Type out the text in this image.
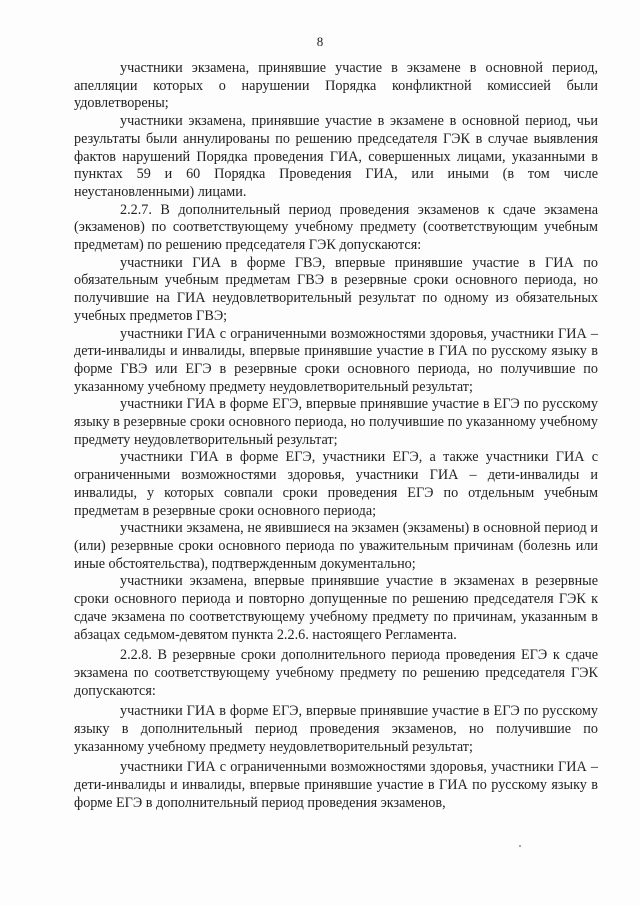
8

участники экзамена, принявшие участие в экзамене в основной период, апелляции которых о нарушении Порядка конфликтной комиссией были удовлетворены;

участники экзамена, принявшие участие в экзамене в основной период, чьи результаты были аннулированы по решению председателя ГЭК в случае выявления фактов нарушений Порядка проведения ГИА, совершенных лицами, указанными в пунктах 59 и 60 Порядка Проведения ГИА, или иными (в том числе неустановленными) лицами.

2.2.7. В дополнительный период проведения экзаменов к сдаче экзамена (экзаменов) по соответствующему учебному предмету (соответствующим учебным предметам) по решению председателя ГЭК допускаются:

участники ГИА в форме ГВЭ, впервые принявшие участие в ГИА по обязательным учебным предметам ГВЭ в резервные сроки основного периода, но получившие на ГИА неудовлетворительный результат по одному из обязательных учебных предметов ГВЭ;

участники ГИА с ограниченными возможностями здоровья, участники ГИА – дети-инвалиды и инвалиды, впервые принявшие участие в ГИА по русскому языку в форме ГВЭ или ЕГЭ в резервные сроки основного периода, но получившие по указанному учебному предмету неудовлетворительный результат;

участники ГИА в форме ЕГЭ, впервые принявшие участие в ЕГЭ по русскому языку в резервные сроки основного периода, но получившие по указанному учебному предмету неудовлетворительный результат;

участники ГИА в форме ЕГЭ, участники ЕГЭ, а также участники ГИА с ограниченными возможностями здоровья, участники ГИА – дети-инвалиды и инвалиды, у которых совпали сроки проведения ЕГЭ по отдельным учебным предметам в резервные сроки основного периода;

участники экзамена, не явившиеся на экзамен (экзамены) в основной период и (или) резервные сроки основного периода по уважительным причинам (болезнь или иные обстоятельства), подтвержденным документально;

участники экзамена, впервые принявшие участие в экзаменах в резервные сроки основного периода и повторно допущенные по решению председателя ГЭК к сдаче экзамена по соответствующему учебному предмету по причинам, указанным в абзацах седьмом-девятом пункта 2.2.6. настоящего Регламента.

2.2.8. В резервные сроки дополнительного периода проведения ЕГЭ к сдаче экзамена по соответствующему учебному предмету по решению председателя ГЭК допускаются:

участники ГИА в форме ЕГЭ, впервые принявшие участие в ЕГЭ по русскому языку в дополнительный период проведения экзаменов, но получившие по указанному учебному предмету неудовлетворительный результат;

участники ГИА с ограниченными возможностями здоровья, участники ГИА – дети-инвалиды и инвалиды, впервые принявшие участие в ГИА по русскому языку в форме ЕГЭ в дополнительный период проведения экзаменов,
